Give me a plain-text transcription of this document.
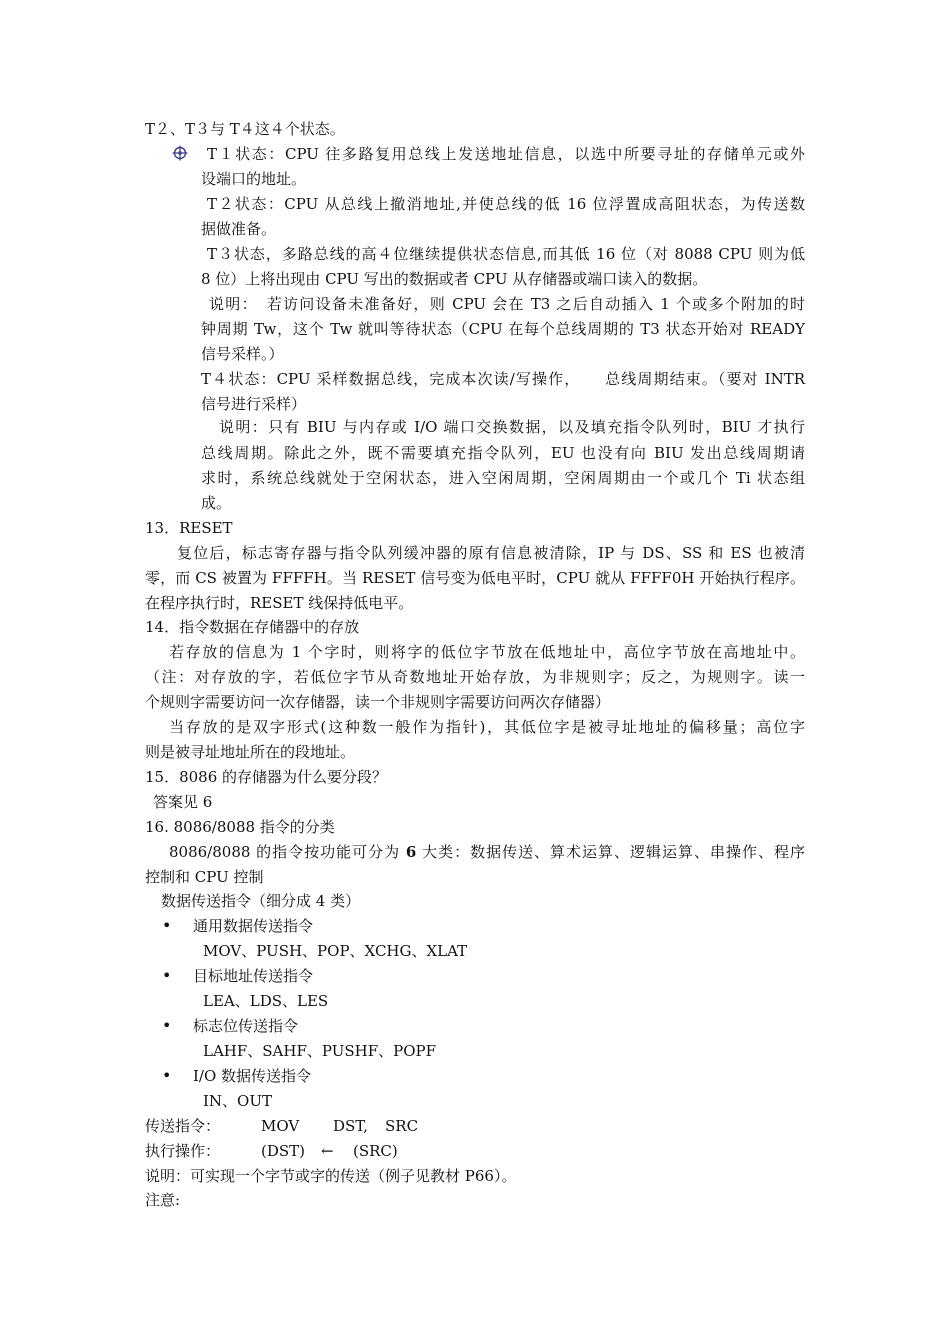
T２、T３与 T４这４个状态。
T１状态：CPU 往多路复用总线上发送地址信息，以选中所要寻址的存储单元或外
设端口的地址。
T２状态：CPU 从总线上撤消地址,并使总线的低 16 位浮置成高阻状态，为传送数
据做准备。
T３状态，多路总线的高４位继续提供状态信息,而其低 16 位（对 8088 CPU 则为低
8 位）上将出现由 CPU 写出的数据或者 CPU 从存储器或端口读入的数据。
说明：　若访问设备未准备好，则 CPU 会在 T3 之后自动插入 1 个或多个附加的时
钟周期 Tw，这个 Tw 就叫等待状态（CPU 在每个总线周期的 T3 状态开始对 READY
信号采样。）
T４状态：CPU 采样数据总线，完成本次读/写操作，　　总线周期结束。（要对 INTR
信号进行采样）
说明：只有 BIU 与内存或 I/O 端口交换数据，以及填充指令队列时，BIU 才执行
总线周期。除此之外，既不需要填充指令队列，EU 也没有向 BIU 发出总线周期请
求时，系统总线就处于空闲状态，进入空闲周期，空闲周期由一个或几个 Ti 状态组
成。
13．RESET
复位后，标志寄存器与指令队列缓冲器的原有信息被清除，IP 与 DS、SS 和 ES 也被清
零，而 CS 被置为 FFFFH。当 RESET 信号变为低电平时，CPU 就从 FFFF0H 开始执行程序。
在程序执行时，RESET 线保持低电平。
14．指令数据在存储器中的存放
若存放的信息为 1 个字时，则将字的低位字节放在低地址中，高位字节放在高地址中。
（注：对存放的字，若低位字节从奇数地址开始存放，为非规则字；反之，为规则字。读一
个规则字需要访问一次存储器，读一个非规则字需要访问两次存储器）
当存放的是双字形式(这种数一般作为指针)，其低位字是被寻址地址的偏移量；高位字
则是被寻址地址所在的段地址。
15．8086 的存储器为什么要分段？
答案见 6
16. 8086/8088 指令的分类
8086/8088 的指令按功能可分为 6 大类：数据传送、算术运算、逻辑运算、串操作、程序
控制和 CPU 控制
数据传送指令（细分成 4 类）
• 通用数据传送指令
MOV、PUSH、POP、XCHG、XLAT
• 目标地址传送指令
LEA、LDS、LES
• 标志位传送指令
LAHF、SAHF、PUSHF、POPF
• I/O 数据传送指令
IN、OUT
传送指令：	MOV DST, SRC
执行操作：	(DST) ← (SRC)
说明：可实现一个字节或字的传送（例子见教材 P66）。
注意:
